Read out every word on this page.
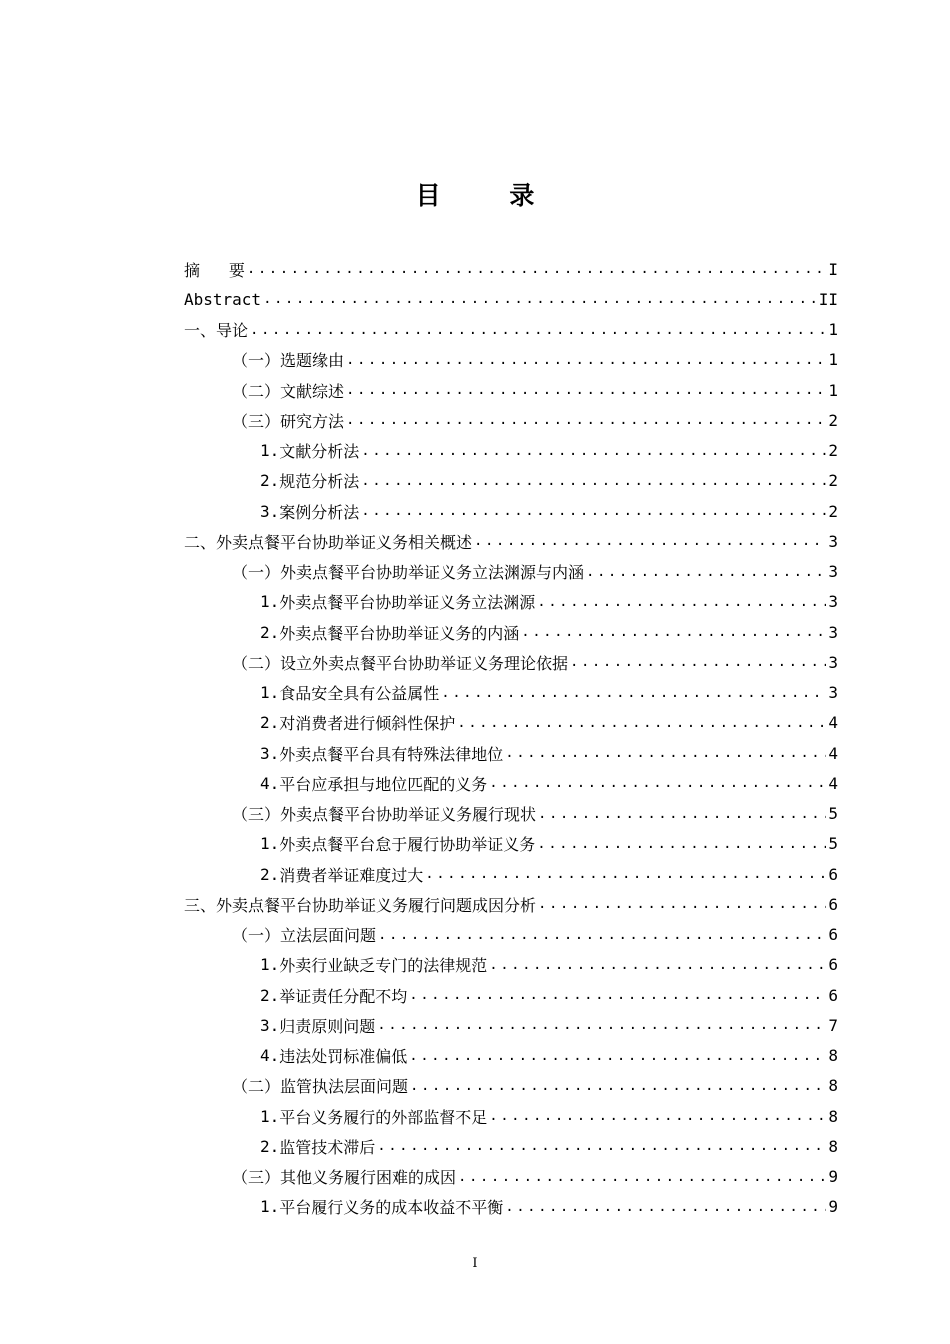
目 录
摘   要 .....	I
Abstract .....	II
一、 导论 .....	1
（一） 选题缘由 .....	1
（二） 文献综述 .....	1
（三） 研究方法 .....	2
1. 文献分析法 .....	2
2. 规范分析法 .....	2
3. 案例分析法 .....	2
二、 外卖点餐平台协助举证义务相关概述 .....	3
（一） 外卖点餐平台协助举证义务立法渊源与内涵 .....	3
1. 外卖点餐平台协助举证义务立法渊源 .....	3
2. 外卖点餐平台协助举证义务的内涵 .....	3
（二） 设立外卖点餐平台协助举证义务理论依据 .....	3
1. 食品安全具有公益属性 .....	3
2. 对消费者进行倾斜性保护 .....	4
3. 外卖点餐平台具有特殊法律地位 .....	4
4. 平台应承担与地位匹配的义务 .....	4
（三） 外卖点餐平台协助举证义务履行现状 .....	5
1. 外卖点餐平台怠于履行协助举证义务 .....	5
2. 消费者举证难度过大 .....	6
三、 外卖点餐平台协助举证义务履行问题成因分析 .....	6
（一） 立法层面问题 .....	6
1. 外卖行业缺乏专门的法律规范 .....	6
2. 举证责任分配不均 .....	6
3. 归责原则问题 .....	7
4. 违法处罚标准偏低 .....	8
（二） 监管执法层面问题 .....	8
1. 平台义务履行的外部监督不足 .....	8
2. 监管技术滞后 .....	8
（三） 其他义务履行困难的成因 .....	9
1. 平台履行义务的成本收益不平衡 .....	9
I
